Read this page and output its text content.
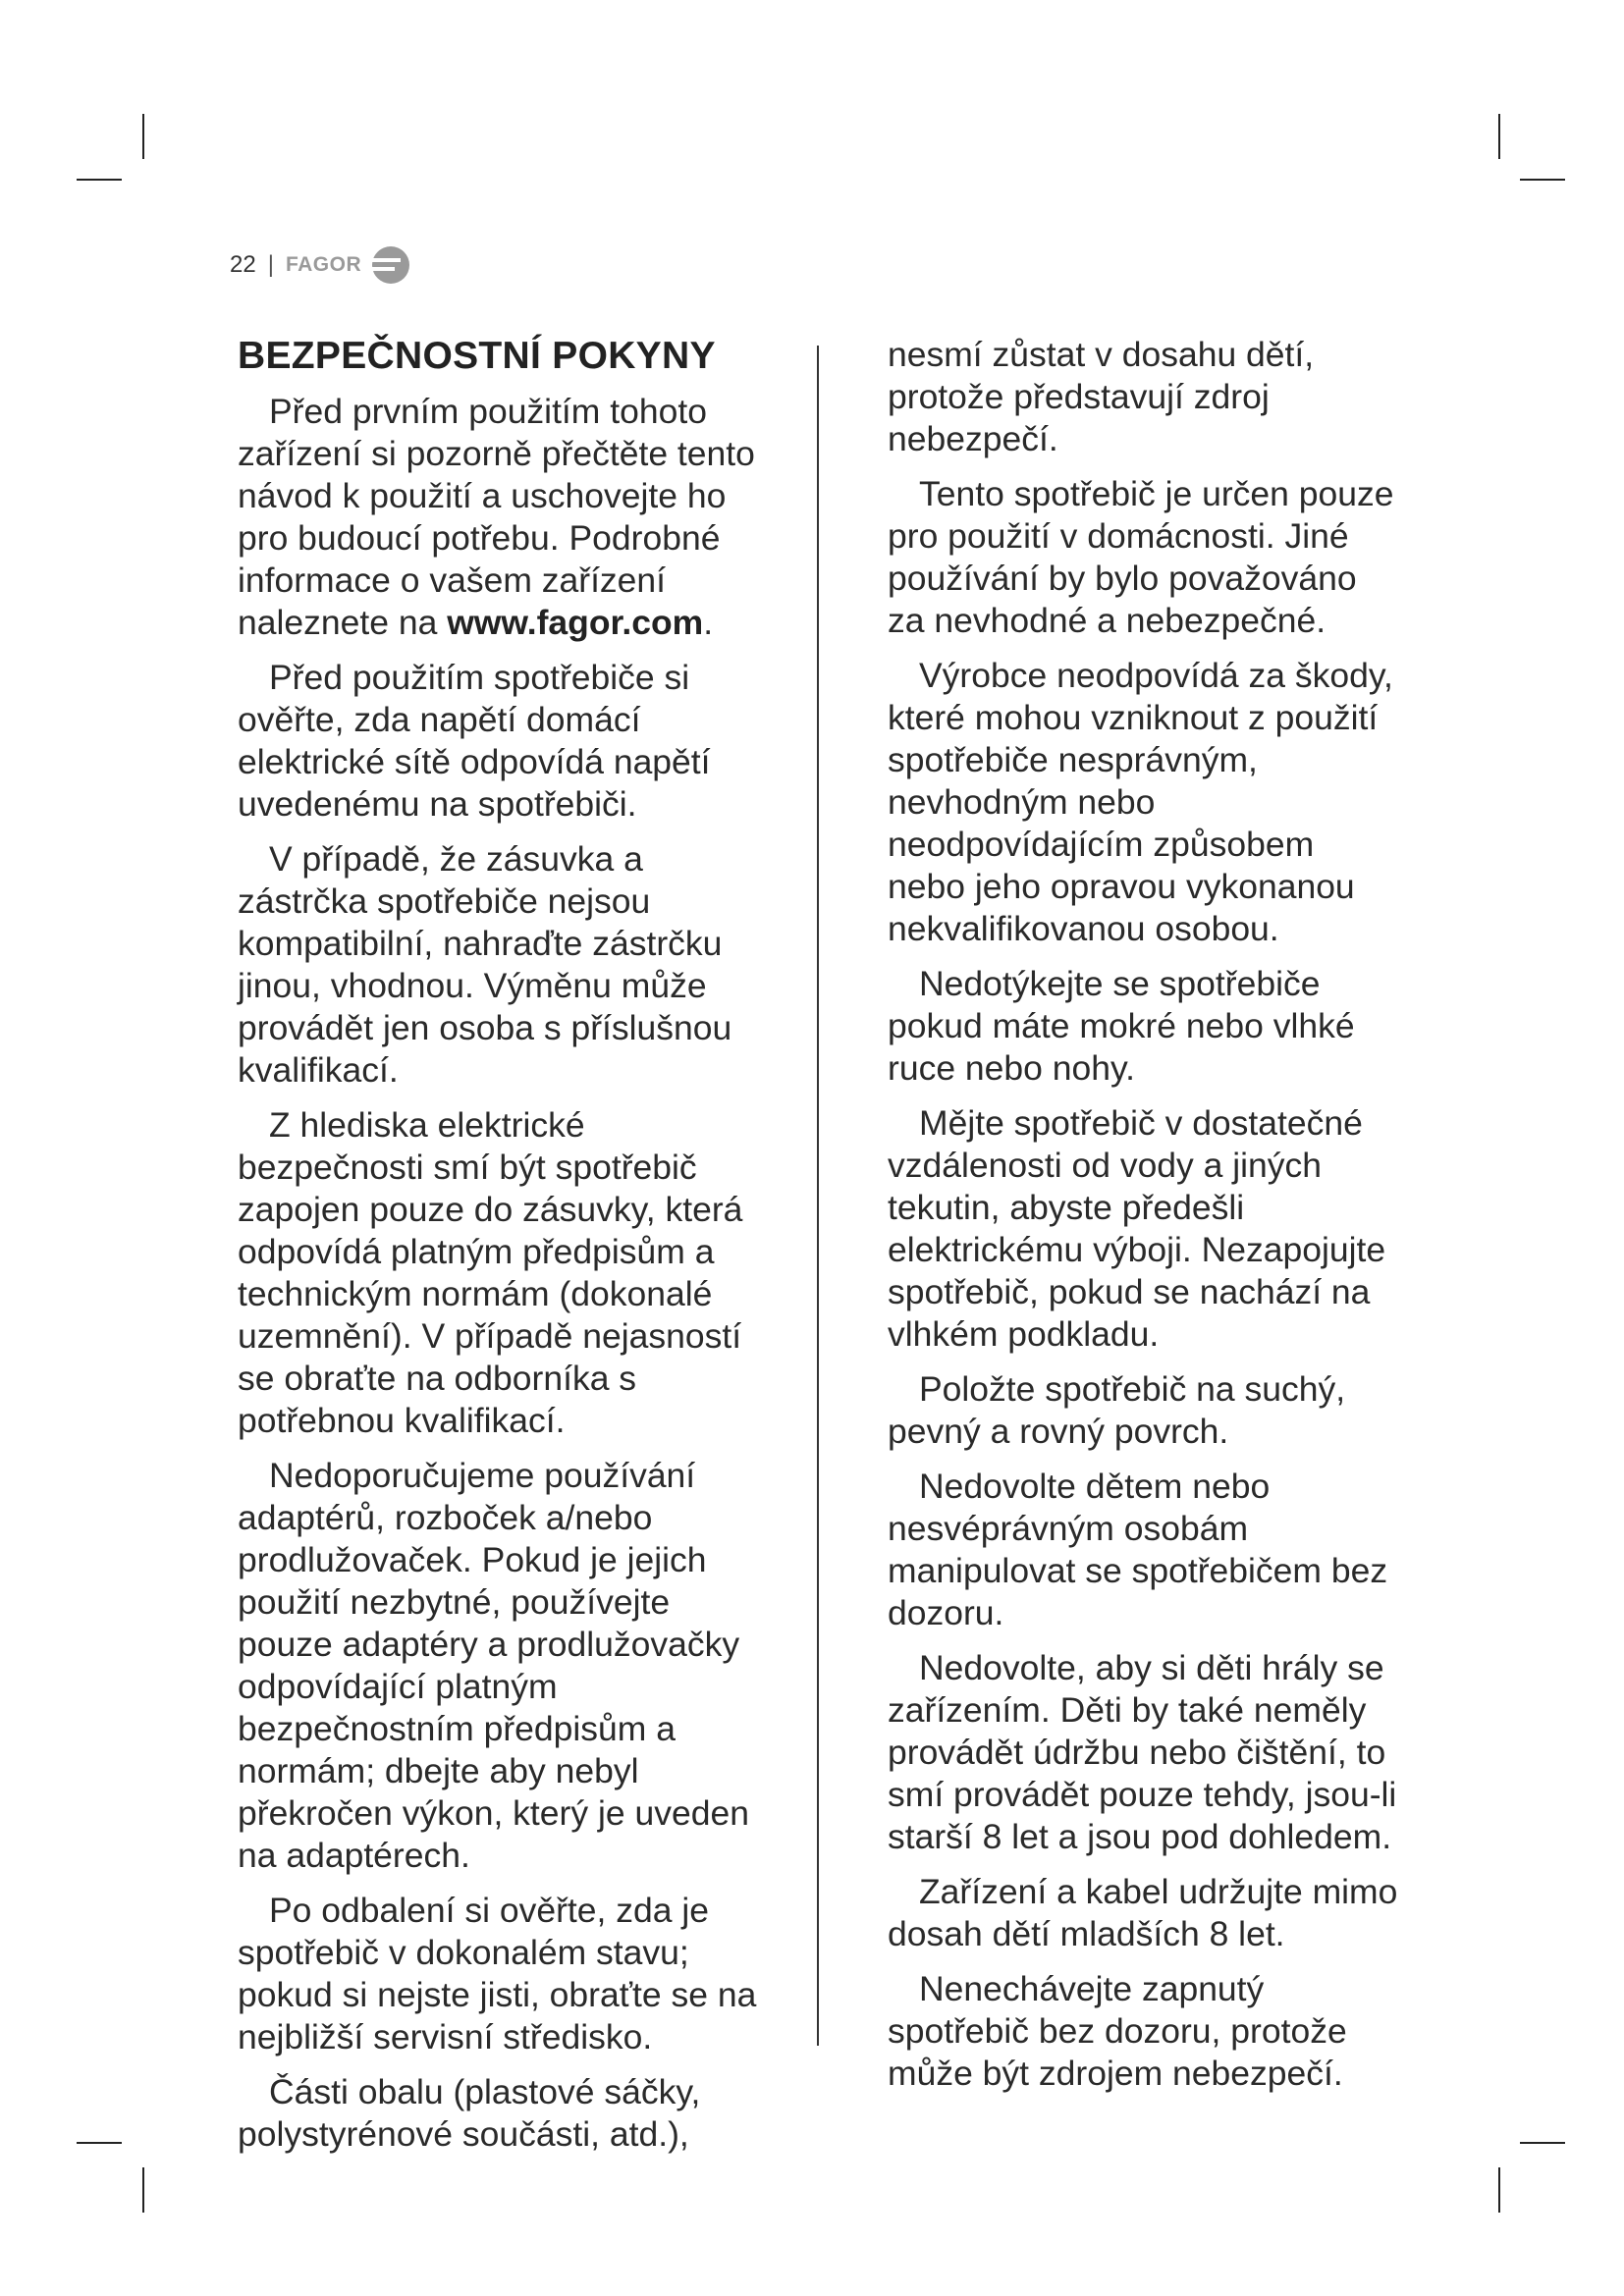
22 | FAGOR
BEZPEČNOSTNÍ POKYNY

Před prvním použitím tohoto zařízení si pozorně přečtěte tento návod k použití a uschovejte ho pro budoucí potřebu. Podrobné informace o vašem zařízení naleznete na www.fagor.com.

Před použitím spotřebiče si ověřte, zda napětí domácí elektrické sítě odpovídá napětí uvedenému na spotřebiči.

V případě, že zásuvka a zástrčka spotřebiče nejsou kompatibilní, nahraďte zástrčku jinou, vhodnou. Výměnu může provádět jen osoba s příslušnou kvalifikací.

Z hlediska elektrické bezpečnosti smí být spotřebič zapojen pouze do zásuvky, která odpovídá platným předpisům a technickým normám (dokonalé uzemnění). V případě nejasností se obraťte na odborníka s potřebnou kvalifikací.

Nedoporučujeme používání adaptérů, rozboček a/nebo prodlužovaček. Pokud je jejich použití nezbytné, používejte pouze adaptéry a prodlužovačky odpovídající platným bezpečnostním předpisům a normám; dbejte aby nebyl překročen výkon, který je uveden na adaptérech.

Po odbalení si ověřte, zda je spotřebič v dokonalém stavu; pokud si nejste jisti, obraťte se na nejbližší servisní středisko.

Části obalu (plastové sáčky, polystyrénové součásti, atd.),

nesmí zůstat v dosahu dětí, protože představují zdroj nebezpečí.

Tento spotřebič je určen pouze pro použití v domácnosti. Jiné používání by bylo považováno za nevhodné a nebezpečné.

Výrobce neodpovídá za škody, které mohou vzniknout z použití spotřebiče nesprávným, nevhodným nebo neodpovídajícím způsobem nebo jeho opravou vykonanou nekvalifikovanou osobou.

Nedotýkejte se spotřebiče pokud máte mokré nebo vlhké ruce nebo nohy.

Mějte spotřebič v dostatečné vzdálenosti od vody a jiných tekutin, abyste předešli elektrickému výboji. Nezapojujte spotřebič, pokud se nachází na vlhkém podkladu.

Položte spotřebič na suchý, pevný a rovný povrch.

Nedovolte dětem nebo nesvéprávným osobám manipulovat se spotřebičem bez dozoru.

Nedovolte, aby si děti hrály se zařízením. Děti by také neměly provádět údržbu nebo čištění, to smí provádět pouze tehdy, jsou-li starší 8 let a jsou pod dohledem.

Zařízení a kabel udržujte mimo dosah dětí mladších 8 let.

Nenechávejte zapnutý spotřebič bez dozoru, protože může být zdrojem nebezpečí.
